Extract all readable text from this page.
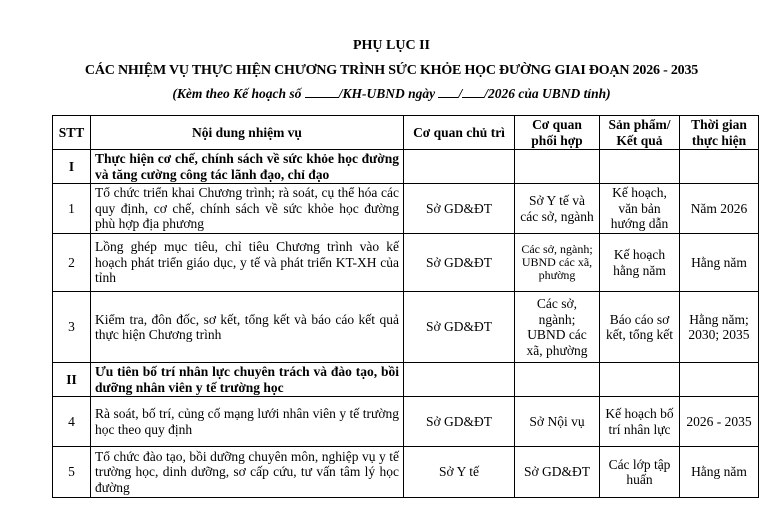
PHỤ LỤC II
CÁC NHIỆM VỤ THỰC HIỆN CHƯƠNG TRÌNH SỨC KHỎE HỌC ĐƯỜNG GIAI ĐOẠN 2026 - 2035
(Kèm theo Kế hoạch số	/KH-UBND ngày / /2026 của UBND tỉnh)
STT	Nội dung nhiệm vụ	Cơ quan chủ trì	Cơ quan phối hợp	Sản phẩm/ Kết quả	Thời gian thực hiện
I	Thực hiện cơ chế, chính sách về sức khỏe học đường và tăng cường công tác lãnh đạo, chỉ đạo				
1	Tổ chức triển khai Chương trình; rà soát, cụ thể hóa các quy định, cơ chế, chính sách về sức khỏe học đường phù hợp địa phương	Sở GD&ĐT	Sở Y tế và các sở, ngành	Kế hoạch, văn bản hướng dẫn	Năm 2026
2	Lồng ghép mục tiêu, chỉ tiêu Chương trình vào kế hoạch phát triển giáo dục, y tế và phát triển KT-XH của tỉnh	Sở GD&ĐT	Các sở, ngành; UBND các xã, phường	Kế hoạch hằng năm	Hằng năm
3	Kiểm tra, đôn đốc, sơ kết, tổng kết và báo cáo kết quả thực hiện Chương trình	Sở GD&ĐT	Các sở, ngành; UBND các xã, phường	Báo cáo sơ kết, tổng kết	Hằng năm; 2030; 2035
II	Ưu tiên bố trí nhân lực chuyên trách và đào tạo, bồi dưỡng nhân viên y tế trường học				
4	Rà soát, bố trí, củng cố mạng lưới nhân viên y tế trường học theo quy định	Sở GD&ĐT	Sở Nội vụ	Kế hoạch bố trí nhân lực	2026 - 2035
5	Tổ chức đào tạo, bồi dưỡng chuyên môn, nghiệp vụ y tế trường học, dinh dưỡng, sơ cấp cứu, tư vấn tâm lý học đường	Sở Y tế	Sở GD&ĐT	Các lớp tập huấn	Hằng năm
